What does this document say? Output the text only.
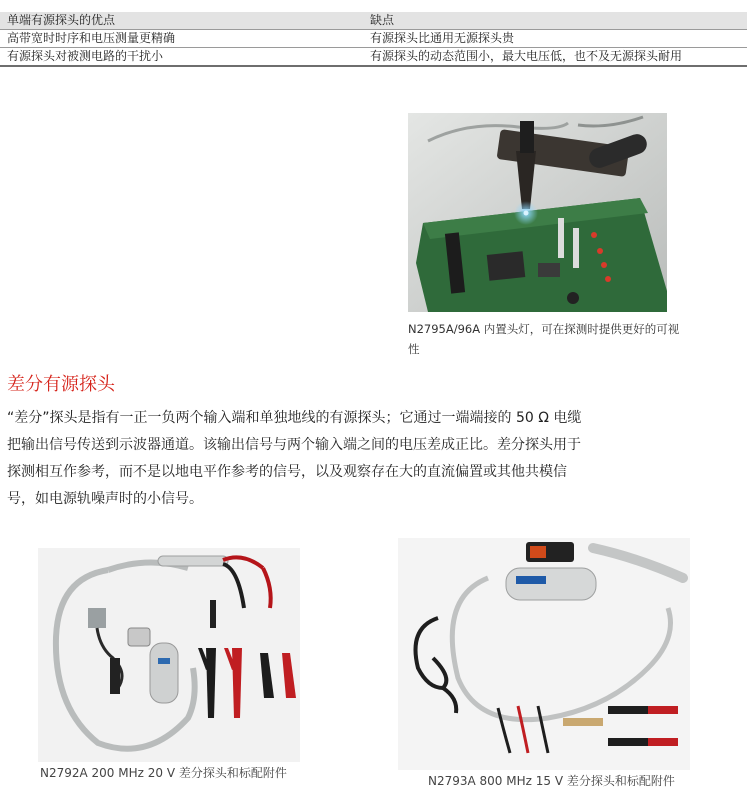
单端有源探头的优点	缺点
高带宽时时序和电压测量更精确	有源探头比通用无源探头贵
有源探头对被测电路的干扰小	有源探头的动态范围小，最大电压低，也不及无源探头耐用
N2795A/96A 内置头灯，可在探测时提供更好的可视性
差分有源探头

“差分”探头是指有一正一负两个输入端和单独地线的有源探头；它通过一端端接的 50 Ω 电缆把输出信号传送到示波器通道。该输出信号与两个输入端之间的电压差成正比。差分探头用于探测相互作参考，而不是以地电平作参考的信号，以及观察存在大的直流偏置或其他共模信号，如电源轨噪声时的小信号。

N2792A 200 MHz 20 V 差分探头和标配附件
N2793A 800 MHz 15 V 差分探头和标配附件
